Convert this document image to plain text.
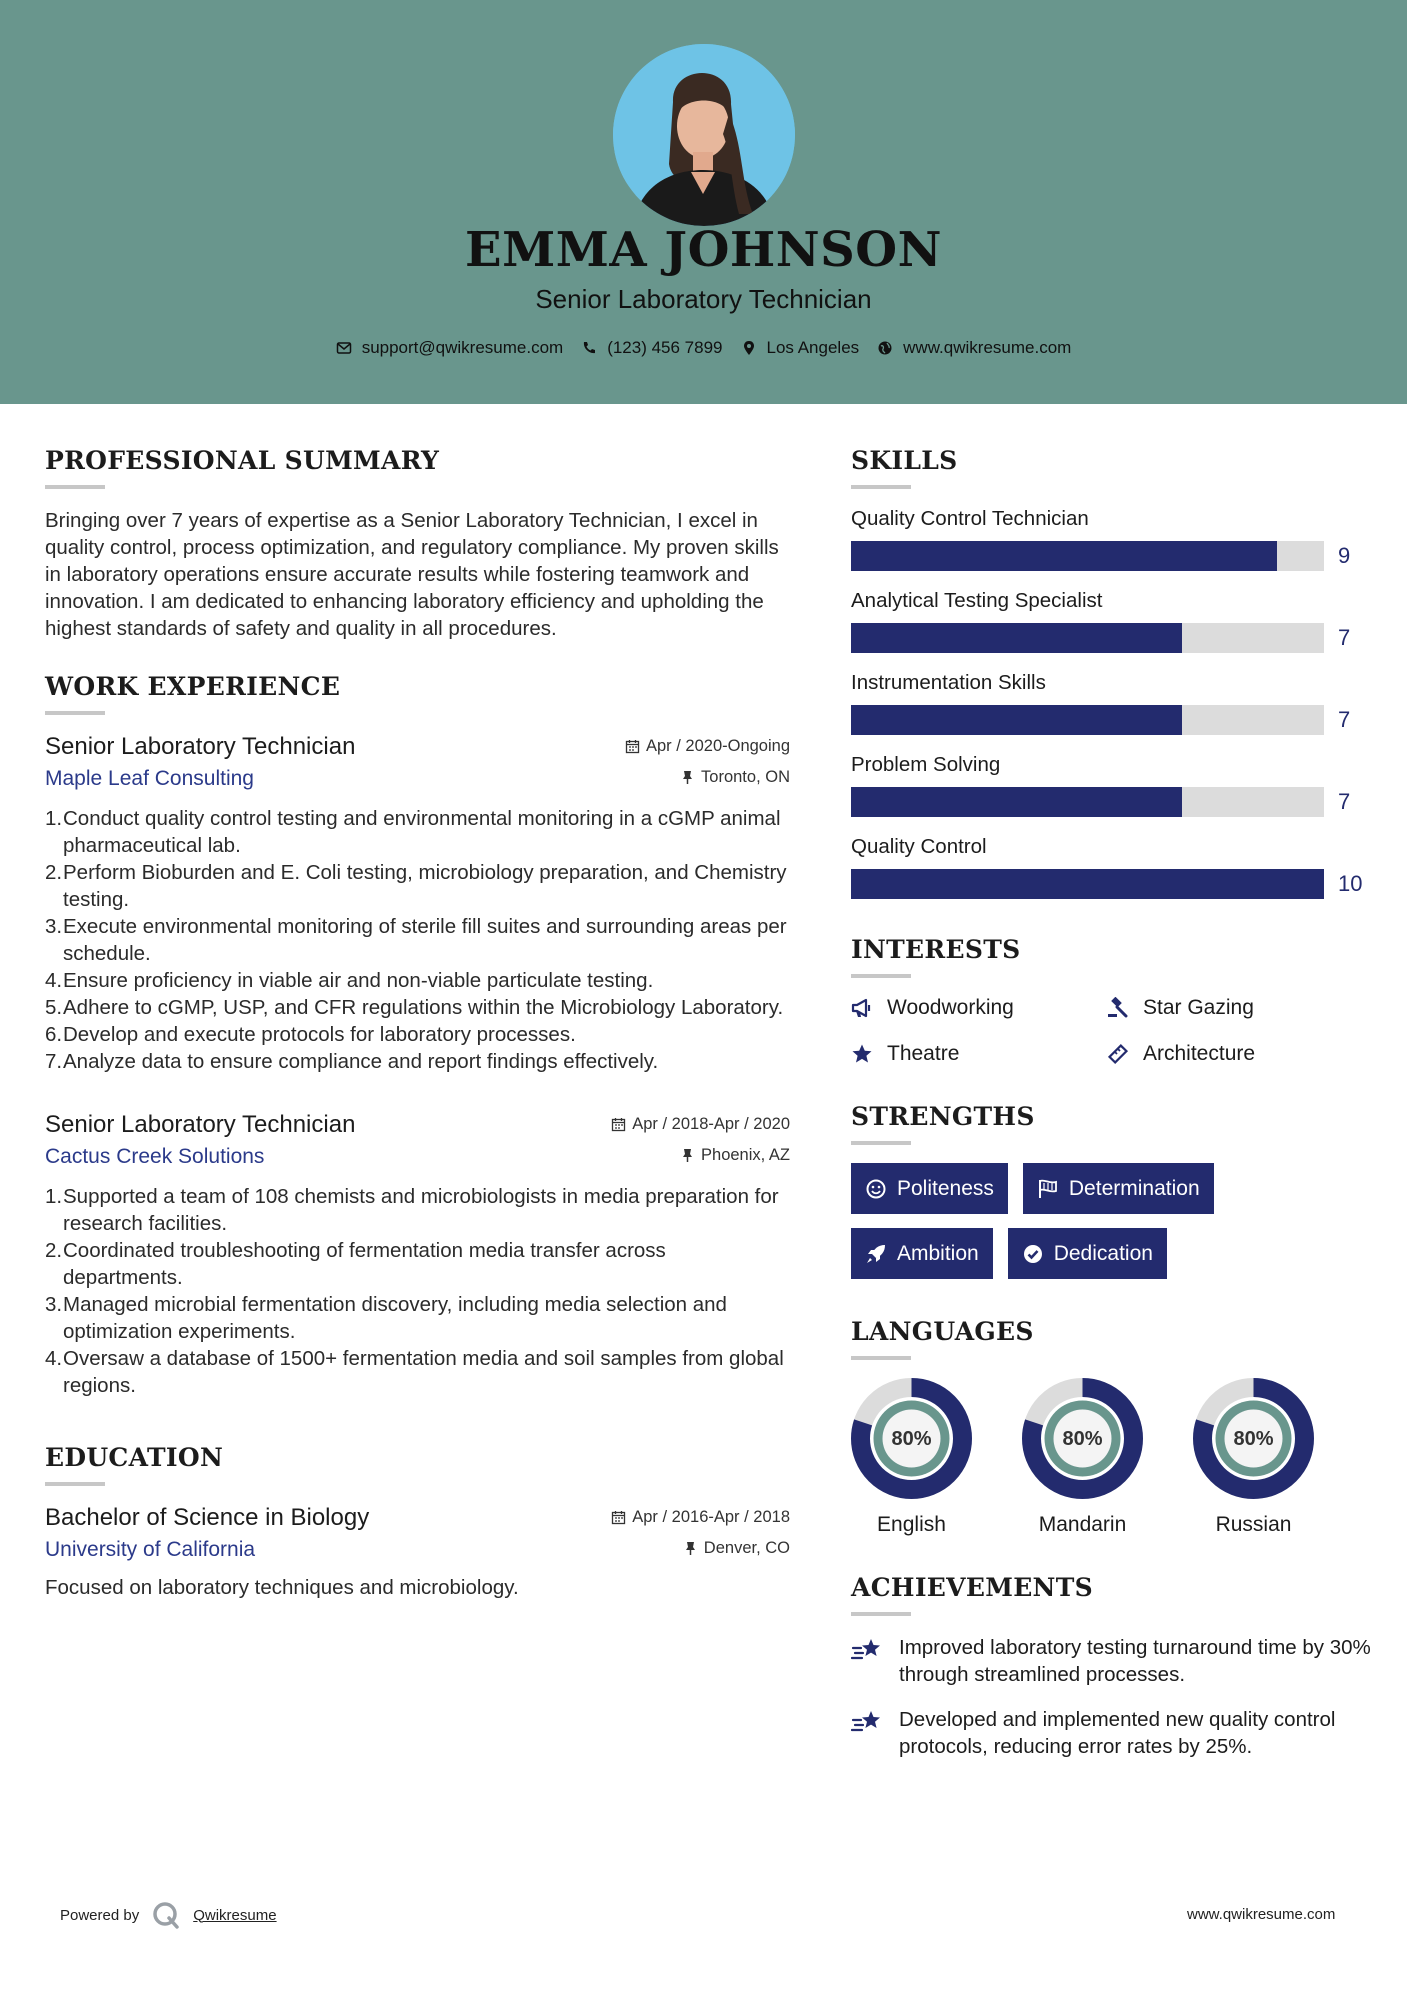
EMMA JOHNSON
Senior Laboratory Technician
support@qwikresume.com	(123) 456 7899	Los Angeles	www.qwikresume.com
PROFESSIONAL SUMMARY

Bringing over 7 years of expertise as a Senior Laboratory Technician, I excel in quality control, process optimization, and regulatory compliance. My proven skills in laboratory operations ensure accurate results while fostering teamwork and innovation. I am dedicated to enhancing laboratory efficiency and upholding the highest standards of safety and quality in all procedures.

WORK EXPERIENCE
Senior Laboratory Technician	Apr / 2020-Ongoing
Maple Leaf Consulting	Toronto, ON
1. Conduct quality control testing and environmental monitoring in a cGMP animal pharmaceutical lab.
2. Perform Bioburden and E. Coli testing, microbiology preparation, and Chemistry testing.
3. Execute environmental monitoring of sterile fill suites and surrounding areas per schedule.
4. Ensure proficiency in viable air and non-viable particulate testing.
5. Adhere to cGMP, USP, and CFR regulations within the Microbiology Laboratory.
6. Develop and execute protocols for laboratory processes.
7. Analyze data to ensure compliance and report findings effectively.
Senior Laboratory Technician	Apr / 2018-Apr / 2020
Cactus Creek Solutions	Phoenix, AZ
1. Supported a team of 108 chemists and microbiologists in media preparation for research facilities.
2. Coordinated troubleshooting of fermentation media transfer across departments.
3. Managed microbial fermentation discovery, including media selection and optimization experiments.
4. Oversaw a database of 1500+ fermentation media and soil samples from global regions.
EDUCATION
Bachelor of Science in Biology	Apr / 2016-Apr / 2018
University of California	Denver, CO

Focused on laboratory techniques and microbiology.

SKILLS
Quality Control Technician
9
Analytical Testing Specialist
7
Instrumentation Skills
7
Problem Solving
7
Quality Control
10
INTERESTS
Woodworking	Star Gazing
Theatre	Architecture
STRENGTHS
Politeness	Determination
Ambition	Dedication
LANGUAGES
80%
English
80%
Mandarin
80%
Russian
ACHIEVEMENTS
Improved laboratory testing turnaround time by 30% through streamlined processes.
Developed and implemented new quality control protocols, reducing error rates by 25%.
Powered by	Qwikresume	www.qwikresume.com
